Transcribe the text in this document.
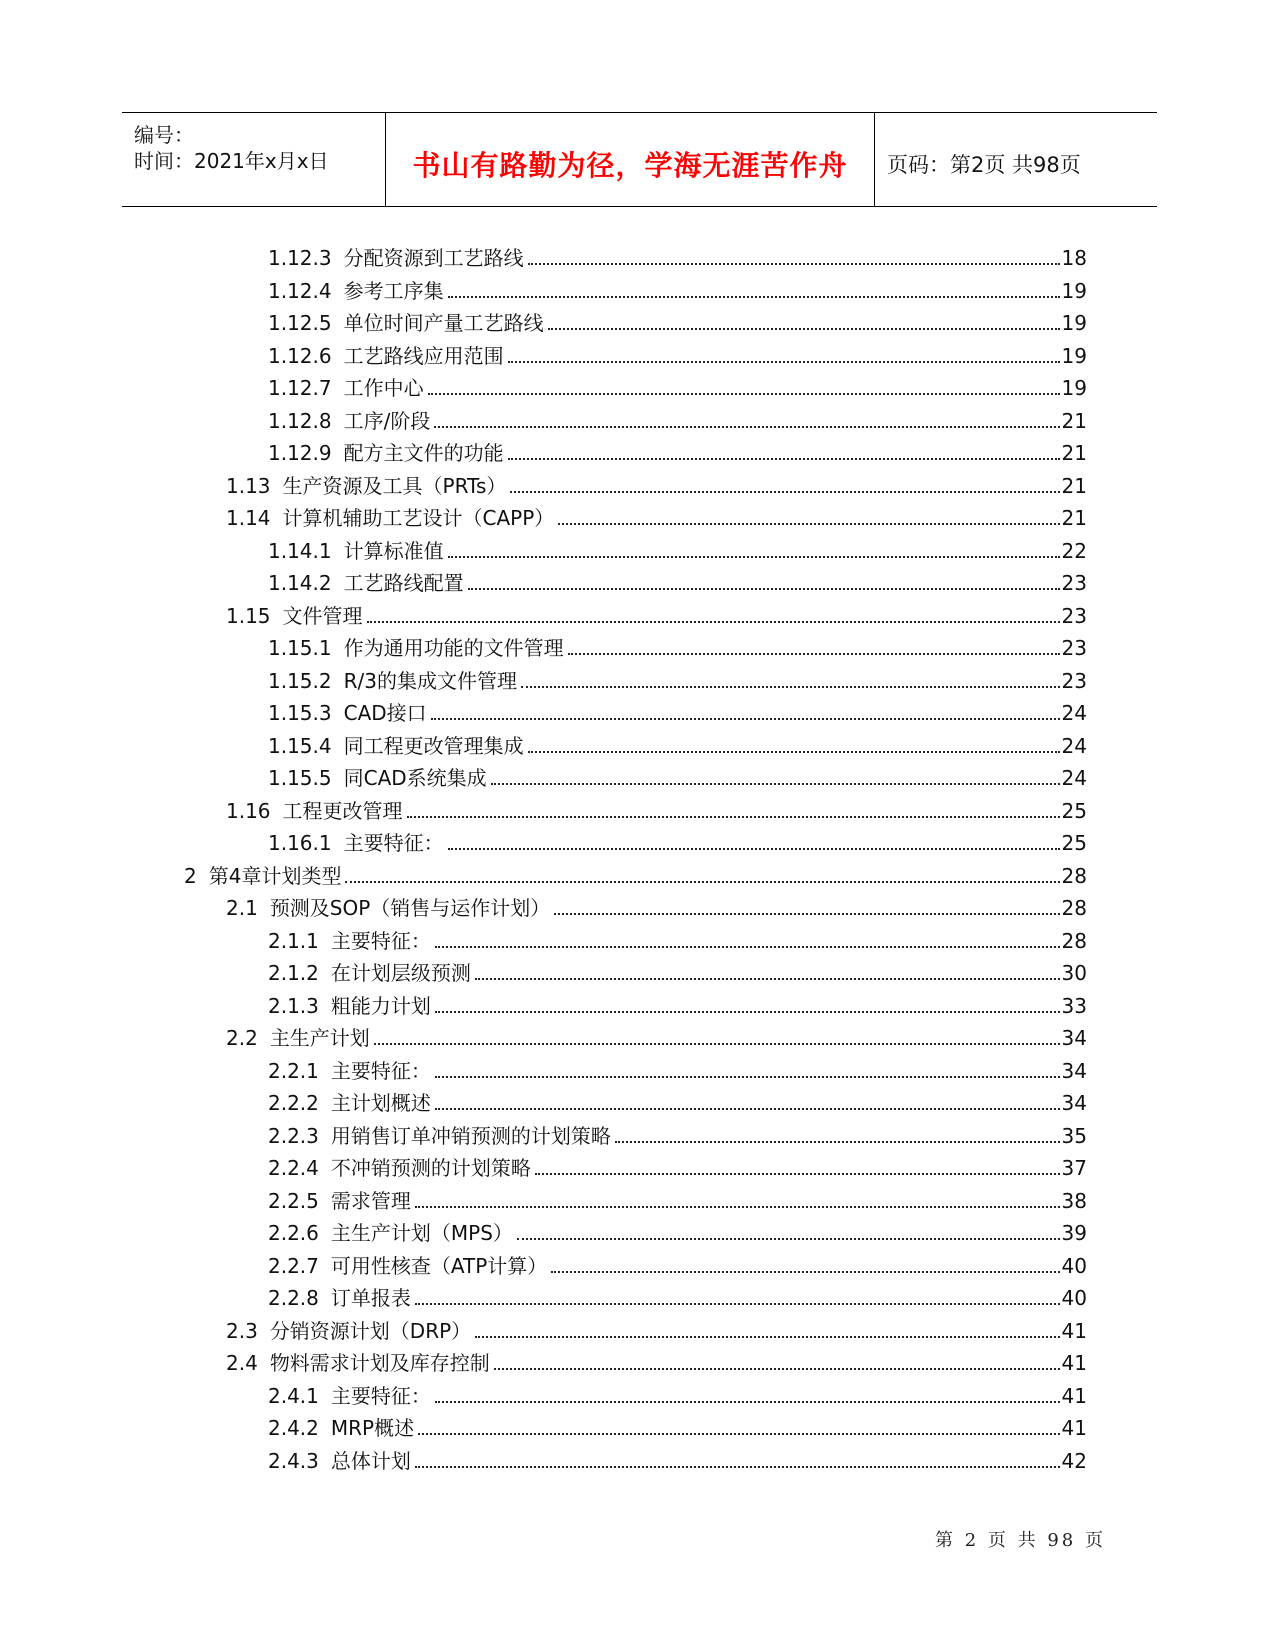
编号：
时间：2021年x月x日	书山有路勤为径，学海无涯苦作舟 页码：第2页 共98页
1.12.3 分配资源到工艺路线	18
1.12.4 参考工序集	19
1.12.5 单位时间产量工艺路线	19
1.12.6 工艺路线应用范围	19
1.12.7 工作中心	19
1.12.8 工序/阶段	21
1.12.9 配方主文件的功能	21
1.13 生产资源及工具（PRTs）	21
1.14 计算机辅助工艺设计（CAPP）	21
1.14.1 计算标准值	22
1.14.2 工艺路线配置	23
1.15 文件管理	23
1.15.1 作为通用功能的文件管理	23
1.15.2 R/3的集成文件管理	23
1.15.3 CAD接口	24
1.15.4 同工程更改管理集成	24
1.15.5 同CAD系统集成	24
1.16 工程更改管理	25
1.16.1 主要特征：	25
2 第4章计划类型	28
2.1 预测及SOP（销售与运作计划）	28
2.1.1 主要特征：	28
2.1.2 在计划层级预测	30
2.1.3 粗能力计划	33
2.2 主生产计划	34
2.2.1 主要特征：	34
2.2.2 主计划概述	34
2.2.3 用销售订单冲销预测的计划策略	35
2.2.4 不冲销预测的计划策略	37
2.2.5 需求管理	38
2.2.6 主生产计划（MPS）	39
2.2.7 可用性核查（ATP计算）	40
2.2.8 订单报表	40
2.3 分销资源计划（DRP）	41
2.4 物料需求计划及库存控制	41
2.4.1 主要特征：	41
2.4.2 MRP概述	41
2.4.3 总体计划	42
第 2 页 共 98 页
